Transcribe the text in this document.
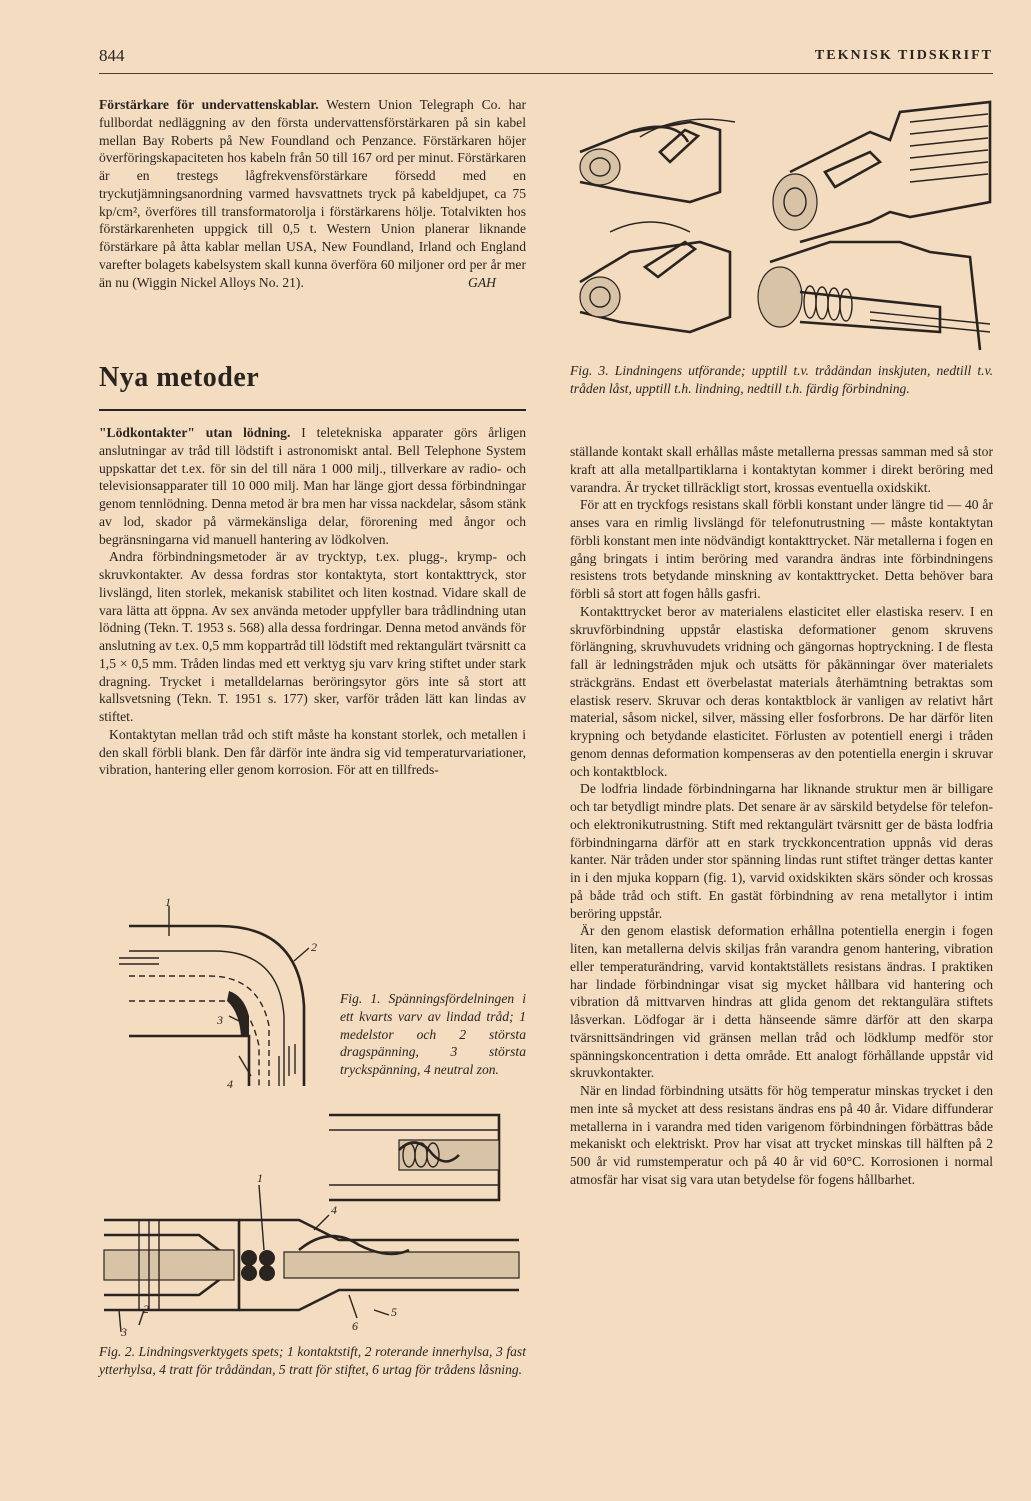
844	TEKNISK TIDSKRIFT

Förstärkare för undervattenskablar. Western Union Telegraph Co. har fullbordat nedläggning av den första undervattensförstärkaren på sin kabel mellan Bay Roberts på New Foundland och Penzance. Förstärkaren höjer överföringskapaciteten hos kabeln från 50 till 167 ord per minut. Förstärkaren är en trestegs lågfrekvensförstärkare försedd med en tryckutjämningsanordning varmed havsvattnets tryck på kabeldjupet, ca 75 kp/cm², överföres till transformatorolja i förstärkarens hölje. Totalvikten hos förstärkarenheten uppgick till 0,5 t. Western Union planerar liknande förstärkare på åtta kablar mellan USA, New Foundland, Irland och England varefter bolagets kabelsystem skall kunna överföra 60 miljoner ord per år mer än nu (Wiggin Nickel Alloys No. 21).	GAH

Nya metoder

"Lödkontakter" utan lödning. I teletekniska apparater görs årligen anslutningar av tråd till lödstift i astronomiskt antal. Bell Telephone System uppskattar det t.ex. för sin del till nära 1 000 milj., tillverkare av radio- och televisionsapparater till 10 000 milj. Man har länge gjort dessa förbindningar genom tennlödning. Denna metod är bra men har vissa nackdelar, såsom stänk av lod, skador på värmekänsliga delar, förorening med ångor och begränsningarna vid manuell hantering av lödkolven.

Andra förbindningsmetoder är av trycktyp, t.ex. plugg-, krymp- och skruvkontakter. Av dessa fordras stor kontaktyta, stort kontakttryck, stor livslängd, liten storlek, mekanisk stabilitet och liten kostnad. Vidare skall de vara lätta att öppna. Av sex använda metoder uppfyller bara trådlindning utan lödning (Tekn. T. 1953 s. 568) alla dessa fordringar. Denna metod används för anslutning av t.ex. 0,5 mm koppartråd till lödstift med rektangulärt tvärsnitt ca 1,5 × 0,5 mm. Tråden lindas med ett verktyg sju varv kring stiftet under stark dragning. Trycket i metalldelarnas beröringsytor görs inte så stort att kallsvetsning (Tekn. T. 1951 s. 177) sker, varför tråden lätt kan lindas av stiftet.

Kontaktytan mellan tråd och stift måste ha konstant storlek, och metallen i den skall förbli blank. Den får därför inte ändra sig vid temperaturvariationer, vibration, hantering eller genom korrosion. För att en tillfreds-

ställande kontakt skall erhållas måste metallerna pressas samman med så stor kraft att alla metallpartiklarna i kontaktytan kommer i direkt beröring med varandra. Är trycket tillräckligt stort, krossas eventuella oxidskikt.

För att en tryckfogs resistans skall förbli konstant under längre tid — 40 år anses vara en rimlig livslängd för telefonutrustning — måste kontaktytan förbli konstant men inte nödvändigt kontakttrycket. När metallerna i fogen en gång bringats i intim beröring med varandra ändras inte förbindningens resistens trots betydande minskning av kontakttrycket. Detta behöver bara förbli så stort att fogen hålls gasfri.

Kontakttrycket beror av materialens elasticitet eller elastiska reserv. I en skruvförbindning uppstår elastiska deformationer genom skruvens förlängning, skruvhuvudets vridning och gängornas hoptryckning. I de flesta fall är ledningstråden mjuk och utsätts för påkänningar över materialets sträckgräns. Endast ett överbelastat materials återhämtning betraktas som elastisk reserv. Skruvar och deras kontaktblock är vanligen av relativt hårt material, såsom nickel, silver, mässing eller fosforbrons. De har därför liten krypning och betydande elasticitet. Förlusten av potentiell energi i tråden genom dennas deformation kompenseras av den potentiella energin i skruvar och kontaktblock.

De lodfria lindade förbindningarna har liknande struktur men är billigare och tar betydligt mindre plats. Det senare är av särskild betydelse för telefon- och elektronikutrustning. Stift med rektangulärt tvärsnitt ger de bästa lodfria förbindningarna därför att en stark tryckkoncentration uppnås vid deras kanter. När tråden under stor spänning lindas runt stiftet tränger dettas kanter in i den mjuka kopparn (fig. 1), varvid oxidskikten skärs sönder och krossas på både tråd och stift. En gastät förbindning av rena metallytor i intim beröring uppstår.

Är den genom elastisk deformation erhållna potentiella energin i fogen liten, kan metallerna delvis skiljas från varandra genom hantering, vibration eller temperaturändring, varvid kontaktställets resistans ändras. I praktiken har lindade förbindningar visat sig mycket hållbara vid hantering och vibration då mittvarven hindras att glida genom det rektangulära stiftets låsverkan. Lödfogar är i detta hänseende sämre därför att den skarpa tvärsnittsändringen vid gränsen mellan tråd och lödklump medför stor spänningskoncentration i detta område. Ett analogt förhållande uppstår vid skruvkontakter.

När en lindad förbindning utsätts för hög temperatur minskas trycket i den men inte så mycket att dess resistans ändras ens på 40 år. Vidare diffunderar metallerna in i varandra med tiden varigenom förbindningen förbättras både mekaniskt och elektriskt. Prov har visat att trycket minskas till hälften på 2 500 år vid rumstemperatur och på 40 år vid 60°C. Korrosionen i normal atmosfär har visat sig vara utan betydelse för fogens hållbarhet.

Fig. 3. Lindningens utförande; upptill t.v. trådändan inskjuten, nedtill t.v. tråden låst, upptill t.h. lindning, nedtill t.h. färdig förbindning.
1
2
3
4
Fig. 1. Spänningsfördelningen i ett kvarts varv av lindad tråd; 1 medelstor och 2 största dragspänning, 3 största tryckspänning, 4 neutral zon.
1
2
3
4
5
6
Fig. 2. Lindningsverktygets spets; 1 kontaktstift, 2 roterande innerhylsa, 3 fast ytterhylsa, 4 tratt för trådändan, 5 tratt för stiftet, 6 urtag för trådens låsning.
